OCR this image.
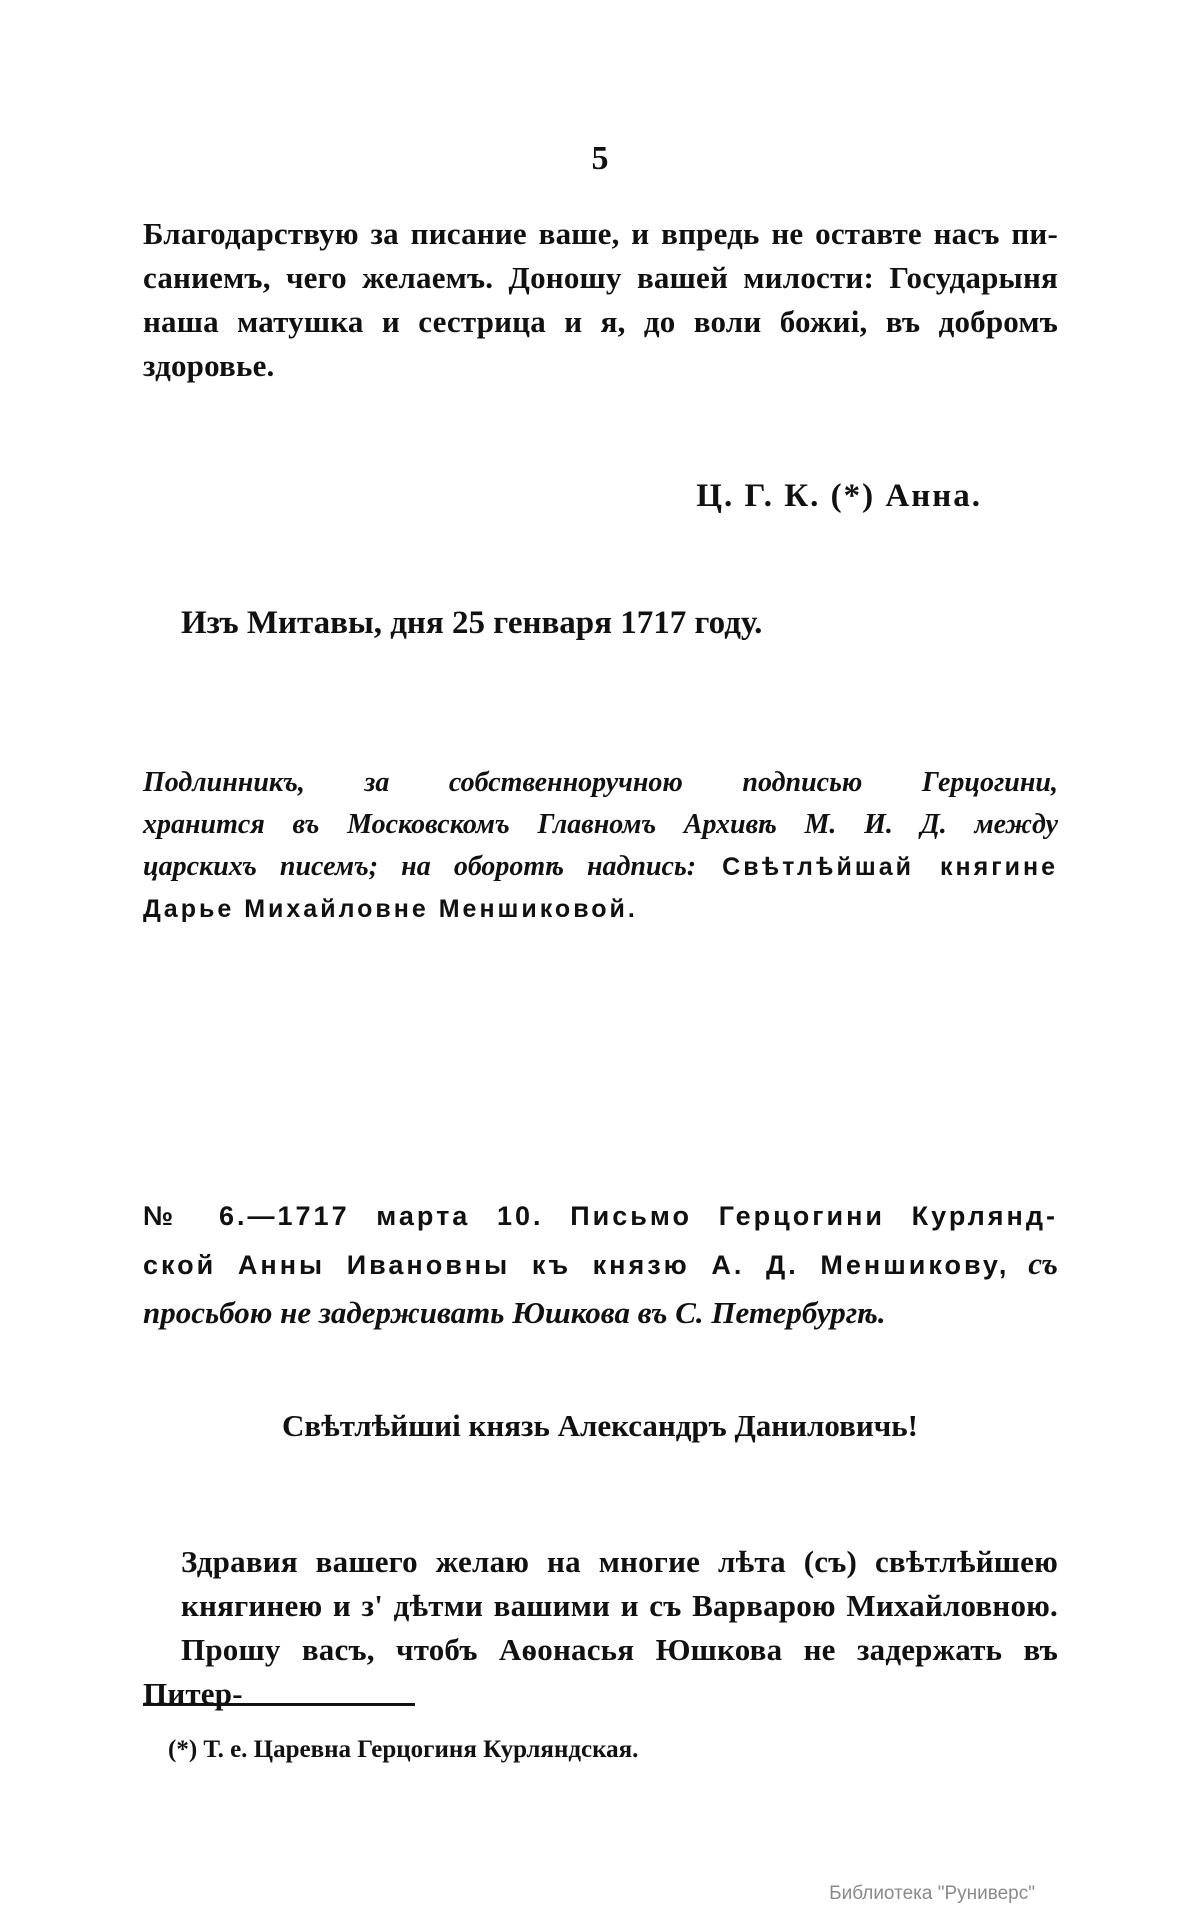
5
Благодарствую за писание ваше, и впредь не оставте насъ пи-
саниемъ, чего желаемъ. Доношу вашей милости: Государыня
наша матушка и сестрица и я, до воли божиі, въ добромъ
здоровье.
Ц. Г. К. (*) Анна.
Изъ Митавы, дня 25 генваря 1717 году.
Подлинникъ, за собственноручною подписью Герцогини,
хранится въ Московскомъ Главномъ Архивѣ М. И. Д. между
царскихъ писемъ; на оборотѣ надпись: Свѣтлѣйшай княгине
Дарье Михайловне Меншиковой.
№ 6.—1717 марта 10. Письмо Герцогини Курлянд-
ской Анны Ивановны къ князю А. Д. Меншикову, съ
просьбою не задерживать Юшкова въ С. Петербургѣ.
Свѣтлѣйшиі князь Александръ Даниловичь!
Здравия вашего желаю на многие лѣта (съ) свѣтлѣйшею
княгинею и з' дѣтми вашими и съ Варварою Михайловною.
Прошу васъ, чтобъ Аѳонасья Юшкова не задержать въ Питер-
(*) Т. е. Царевна Герцогиня Курляндская.
Библиотека "Руниверс"
